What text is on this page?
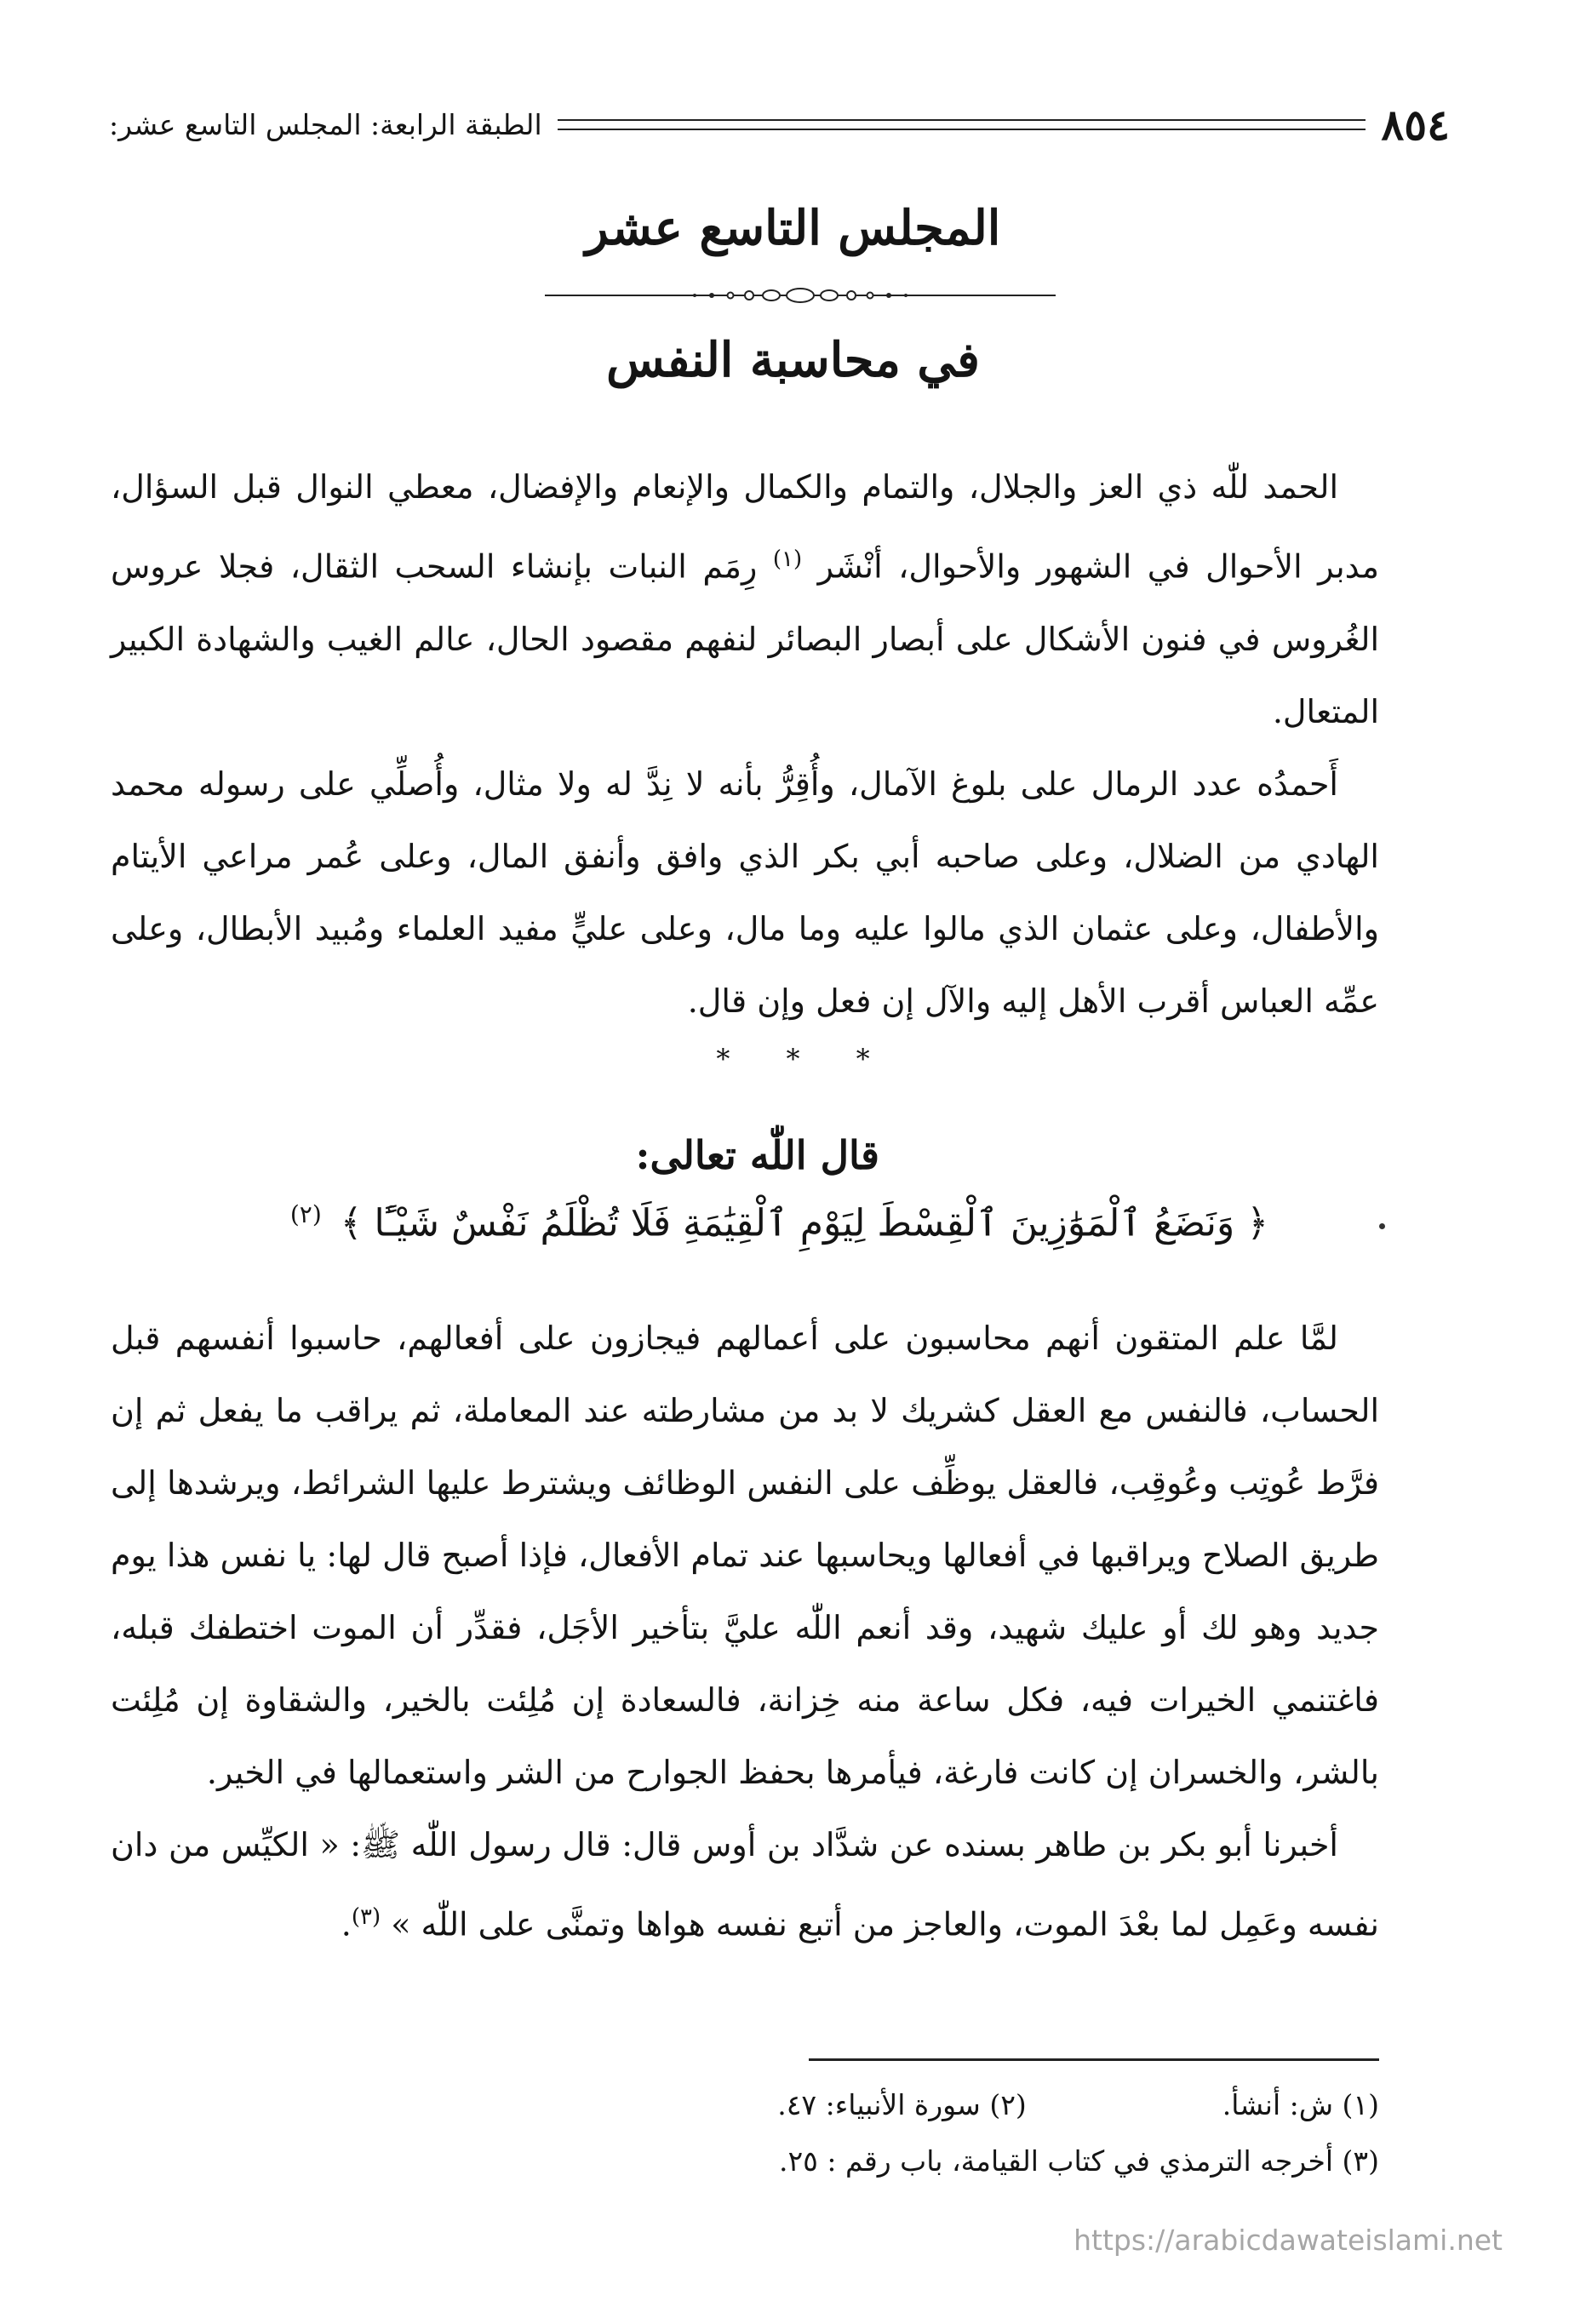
٨٥٤
الطبقة الرابعة: المجلس التاسع عشر:
المجلس التاسع عشر
في محاسبة النفس

الحمد للّٰه ذي العز والجلال، والتمام والكمال والإنعام والإفضال، معطي النوال قبل السؤال، مدبر الأحوال في الشهور والأحوال، أنْشَر $^{(١)}$ رِمَم النبات بإنشاء السحب الثقال، فجلا عروس الغُروس في فنون الأشكال على أبصار البصائر لنفهم مقصود الحال، عالم الغيب والشهادة الكبير المتعال.

أَحمدُه عدد الرمال على بلوغ الآمال، وأُقِرُّ بأنه لا نِدَّ له ولا مثال، وأُصلِّي على رسوله محمد الهادي من الضلال، وعلى صاحبه أبي بكر الذي وافق وأنفق المال، وعلى عُمر مراعي الأيتام والأطفال، وعلى عثمان الذي مالوا عليه وما مال، وعلى عليٍّ مفيد العلماء ومُبيد الأبطال، وعلى عمِّه العباس أقرب الأهل إليه والآل إن فعل وإن قال.

* * *
قال اللّٰه تعالى:
﴿ وَنَضَعُ ٱلْمَوَٰزِينَ ٱلْقِسْطَ لِيَوْمِ ٱلْقِيَٰمَةِ فَلَا تُظْلَمُ نَفْسٌ شَيْـًٔا ﴾ $^{(٢)}$

لمَّا علم المتقون أنهم محاسبون على أعمالهم فيجازون على أفعالهم، حاسبوا أنفسهم قبل الحساب، فالنفس مع العقل كشريك لا بد من مشارطته عند المعاملة، ثم يراقب ما يفعل ثم إن فرَّط عُوتِب وعُوقِب، فالعقل يوظِّف على النفس الوظائف ويشترط عليها الشرائط، ويرشدها إلى طريق الصلاح ويراقبها في أفعالها ويحاسبها عند تمام الأفعال، فإذا أصبح قال لها: يا نفس هذا يوم جديد وهو لك أو عليك شهيد، وقد أنعم اللّٰه عليَّ بتأخير الأجَل، فقدِّر أن الموت اختطفك قبله، فاغتنمي الخيرات فيه، فكل ساعة منه خِزانة، فالسعادة إن مُلِئت بالخير، والشقاوة إن مُلِئت بالشر، والخسران إن كانت فارغة، فيأمرها بحفظ الجوارح من الشر واستعمالها في الخير.

أخبرنا أبو بكر بن طاهر بسنده عن شدَّاد بن أوس قال: قال رسول اللّٰه ﷺ: « الكيِّس من دان نفسه وعَمِل لما بعْدَ الموت، والعاجز من أتبع نفسه هواها وتمنَّى على اللّٰه » $^{(٣)}$.

(١) ش: أنشأ.(٢) سورة الأنبياء: ٤٧.
(٣) أخرجه الترمذي في كتاب القيامة، باب رقم : ٢٥.
https://arabicdawateislami.net
